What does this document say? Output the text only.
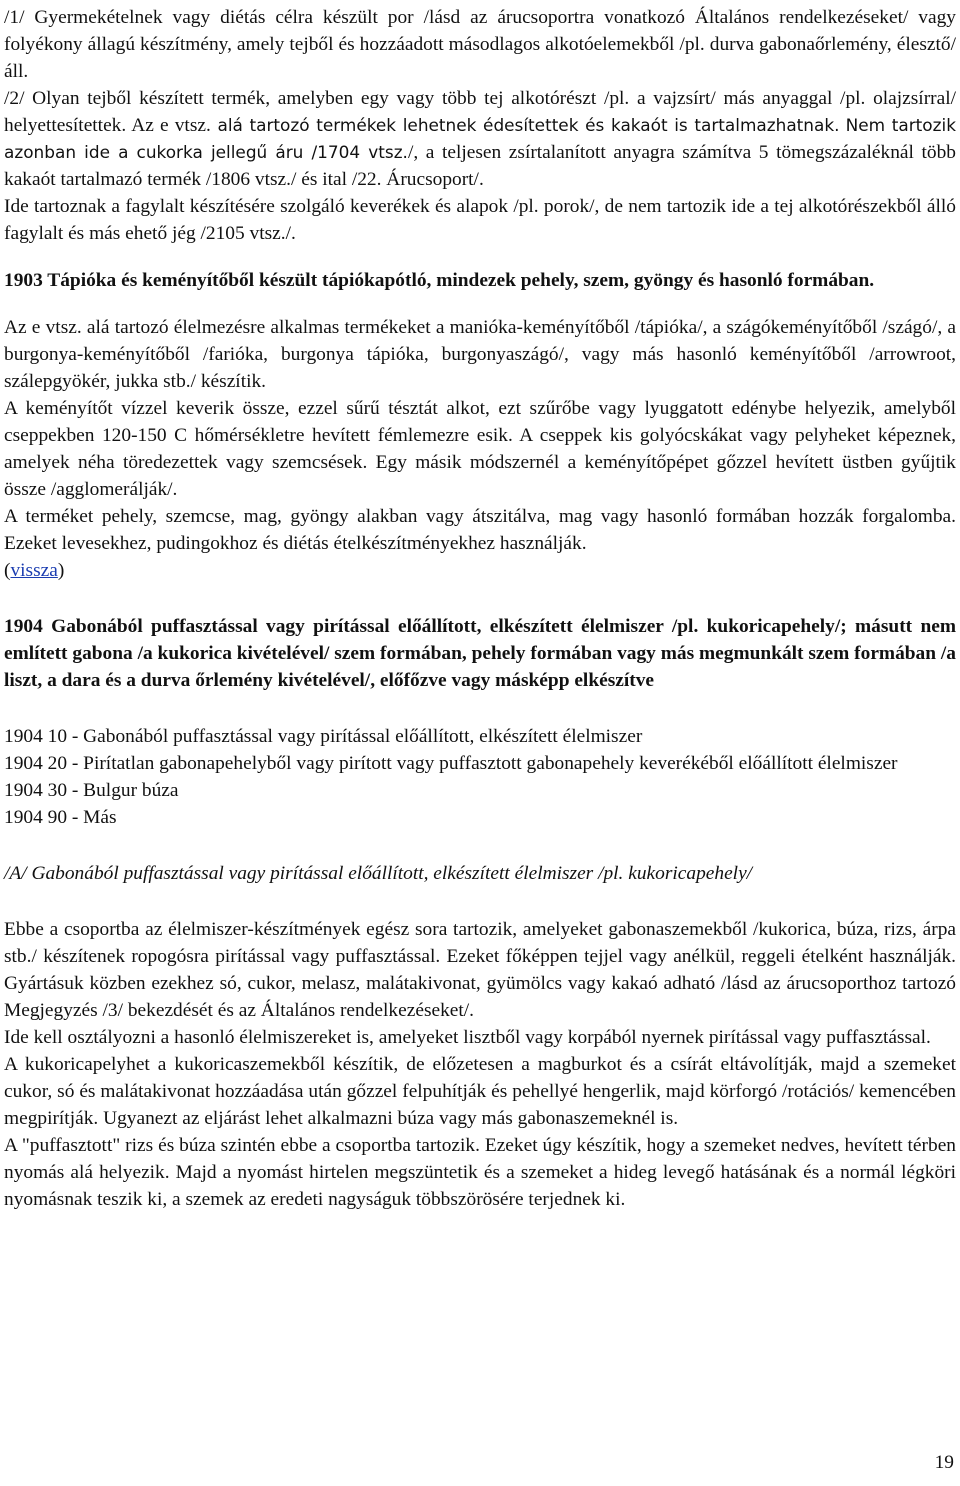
/1/ Gyermekételnek vagy diétás célra készült por /lásd az árucsoportra vonatkozó Általános rendelkezéseket/ vagy folyékony állagú készítmény, amely tejből és hozzáadott másodlagos alkotóelemekből /pl. durva gabonaőrlemény, élesztő/ áll.

/2/ Olyan tejből készített termék, amelyben egy vagy több tej alkotórészt /pl. a vajzsírt/ más anyaggal /pl. olajzsírral/ helyettesítettek. Az e vtsz. alá tartozó termékek lehetnek édesítettek és kakaót is tartalmazhatnak. Nem tartozik azonban ide a cukorka jellegű áru /1704 vtsz./, a teljesen zsírtalanított anyagra számítva 5 tömegszázaléknál több kakaót tartalmazó termék /1806 vtsz./ és ital /22. Árucsoport/.

Ide tartoznak a fagylalt készítésére szolgáló keverékek és alapok /pl. porok/, de nem tartozik ide a tej alkotórészekből álló fagylalt és más ehető jég /2105 vtsz./.

1903 Tápióka és keményítőből készült tápiókapótló, mindezek pehely, szem, gyöngy és hasonló formában.

Az e vtsz. alá tartozó élelmezésre alkalmas termékeket a manióka-keményítőből /tápióka/, a szágókeményítőből /szágó/, a burgonya-keményítőből /farióka, burgonya tápióka, burgonyaszágó/, vagy más hasonló keményítőből /arrowroot, szálepgyökér, jukka stb./ készítik.

A keményítőt vízzel keverik össze, ezzel sűrű tésztát alkot, ezt szűrőbe vagy lyuggatott edénybe helyezik, amelyből cseppekben 120-150 C hőmérsékletre hevített fémlemezre esik. A cseppek kis golyócskákat vagy pelyheket képeznek, amelyek néha töredezettek vagy szemcsések. Egy másik módszernél a keményítőpépet gőzzel hevített üstben gyűjtik össze /agglomerálják/.

A terméket pehely, szemcse, mag, gyöngy alakban vagy átszitálva, mag vagy hasonló formában hozzák forgalomba. Ezeket levesekhez, pudingokhoz és diétás ételkészítményekhez használják.
(vissza)

1904 Gabonából puffasztással vagy pirítással előállított, elkészített élelmiszer /pl. kukoricapehely/; másutt nem említett gabona /a kukorica kivételével/ szem formában, pehely formában vagy más megmunkált szem formában /a liszt, a dara és a durva őrlemény kivételével/, előfőzve vagy másképp elkészítve

1904 10 - Gabonából puffasztással vagy pirítással előállított, elkészített élelmiszer

1904 20 - Pirítatlan gabonapehelyből vagy pirított vagy puffasztott gabonapehely keverékéből előállított élelmiszer

1904 30 - Bulgur búza

1904 90 - Más

/A/ Gabonából puffasztással vagy pirítással előállított, elkészített élelmiszer /pl. kukoricapehely/

Ebbe a csoportba az élelmiszer-készítmények egész sora tartozik, amelyeket gabonaszemekből /kukorica, búza, rizs, árpa stb./ készítenek ropogósra pirítással vagy puffasztással. Ezeket főképpen tejjel vagy anélkül, reggeli ételként használják. Gyártásuk közben ezekhez só, cukor, melasz, malátakivonat, gyümölcs vagy kakaó adható /lásd az árucsoporthoz tartozó Megjegyzés /3/ bekezdését és az Általános rendelkezéseket/.

Ide kell osztályozni a hasonló élelmiszereket is, amelyeket lisztből vagy korpából nyernek pirítással vagy puffasztással.

A kukoricapelyhet a kukoricaszemekből készítik, de előzetesen a magburkot és a csírát eltávolítják, majd a szemeket cukor, só és malátakivonat hozzáadása után gőzzel felpuhítják és pehellyé hengerlik, majd körforgó /rotációs/ kemencében megpirítják. Ugyanezt az eljárást lehet alkalmazni búza vagy más gabonaszemeknél is.

A "puffasztott" rizs és búza szintén ebbe a csoportba tartozik. Ezeket úgy készítik, hogy a szemeket nedves, hevített térben nyomás alá helyezik. Majd a nyomást hirtelen megszüntetik és a szemeket a hideg levegő hatásának és a normál légköri nyomásnak teszik ki, a szemek az eredeti nagyságuk többszörösére terjednek ki.

19
